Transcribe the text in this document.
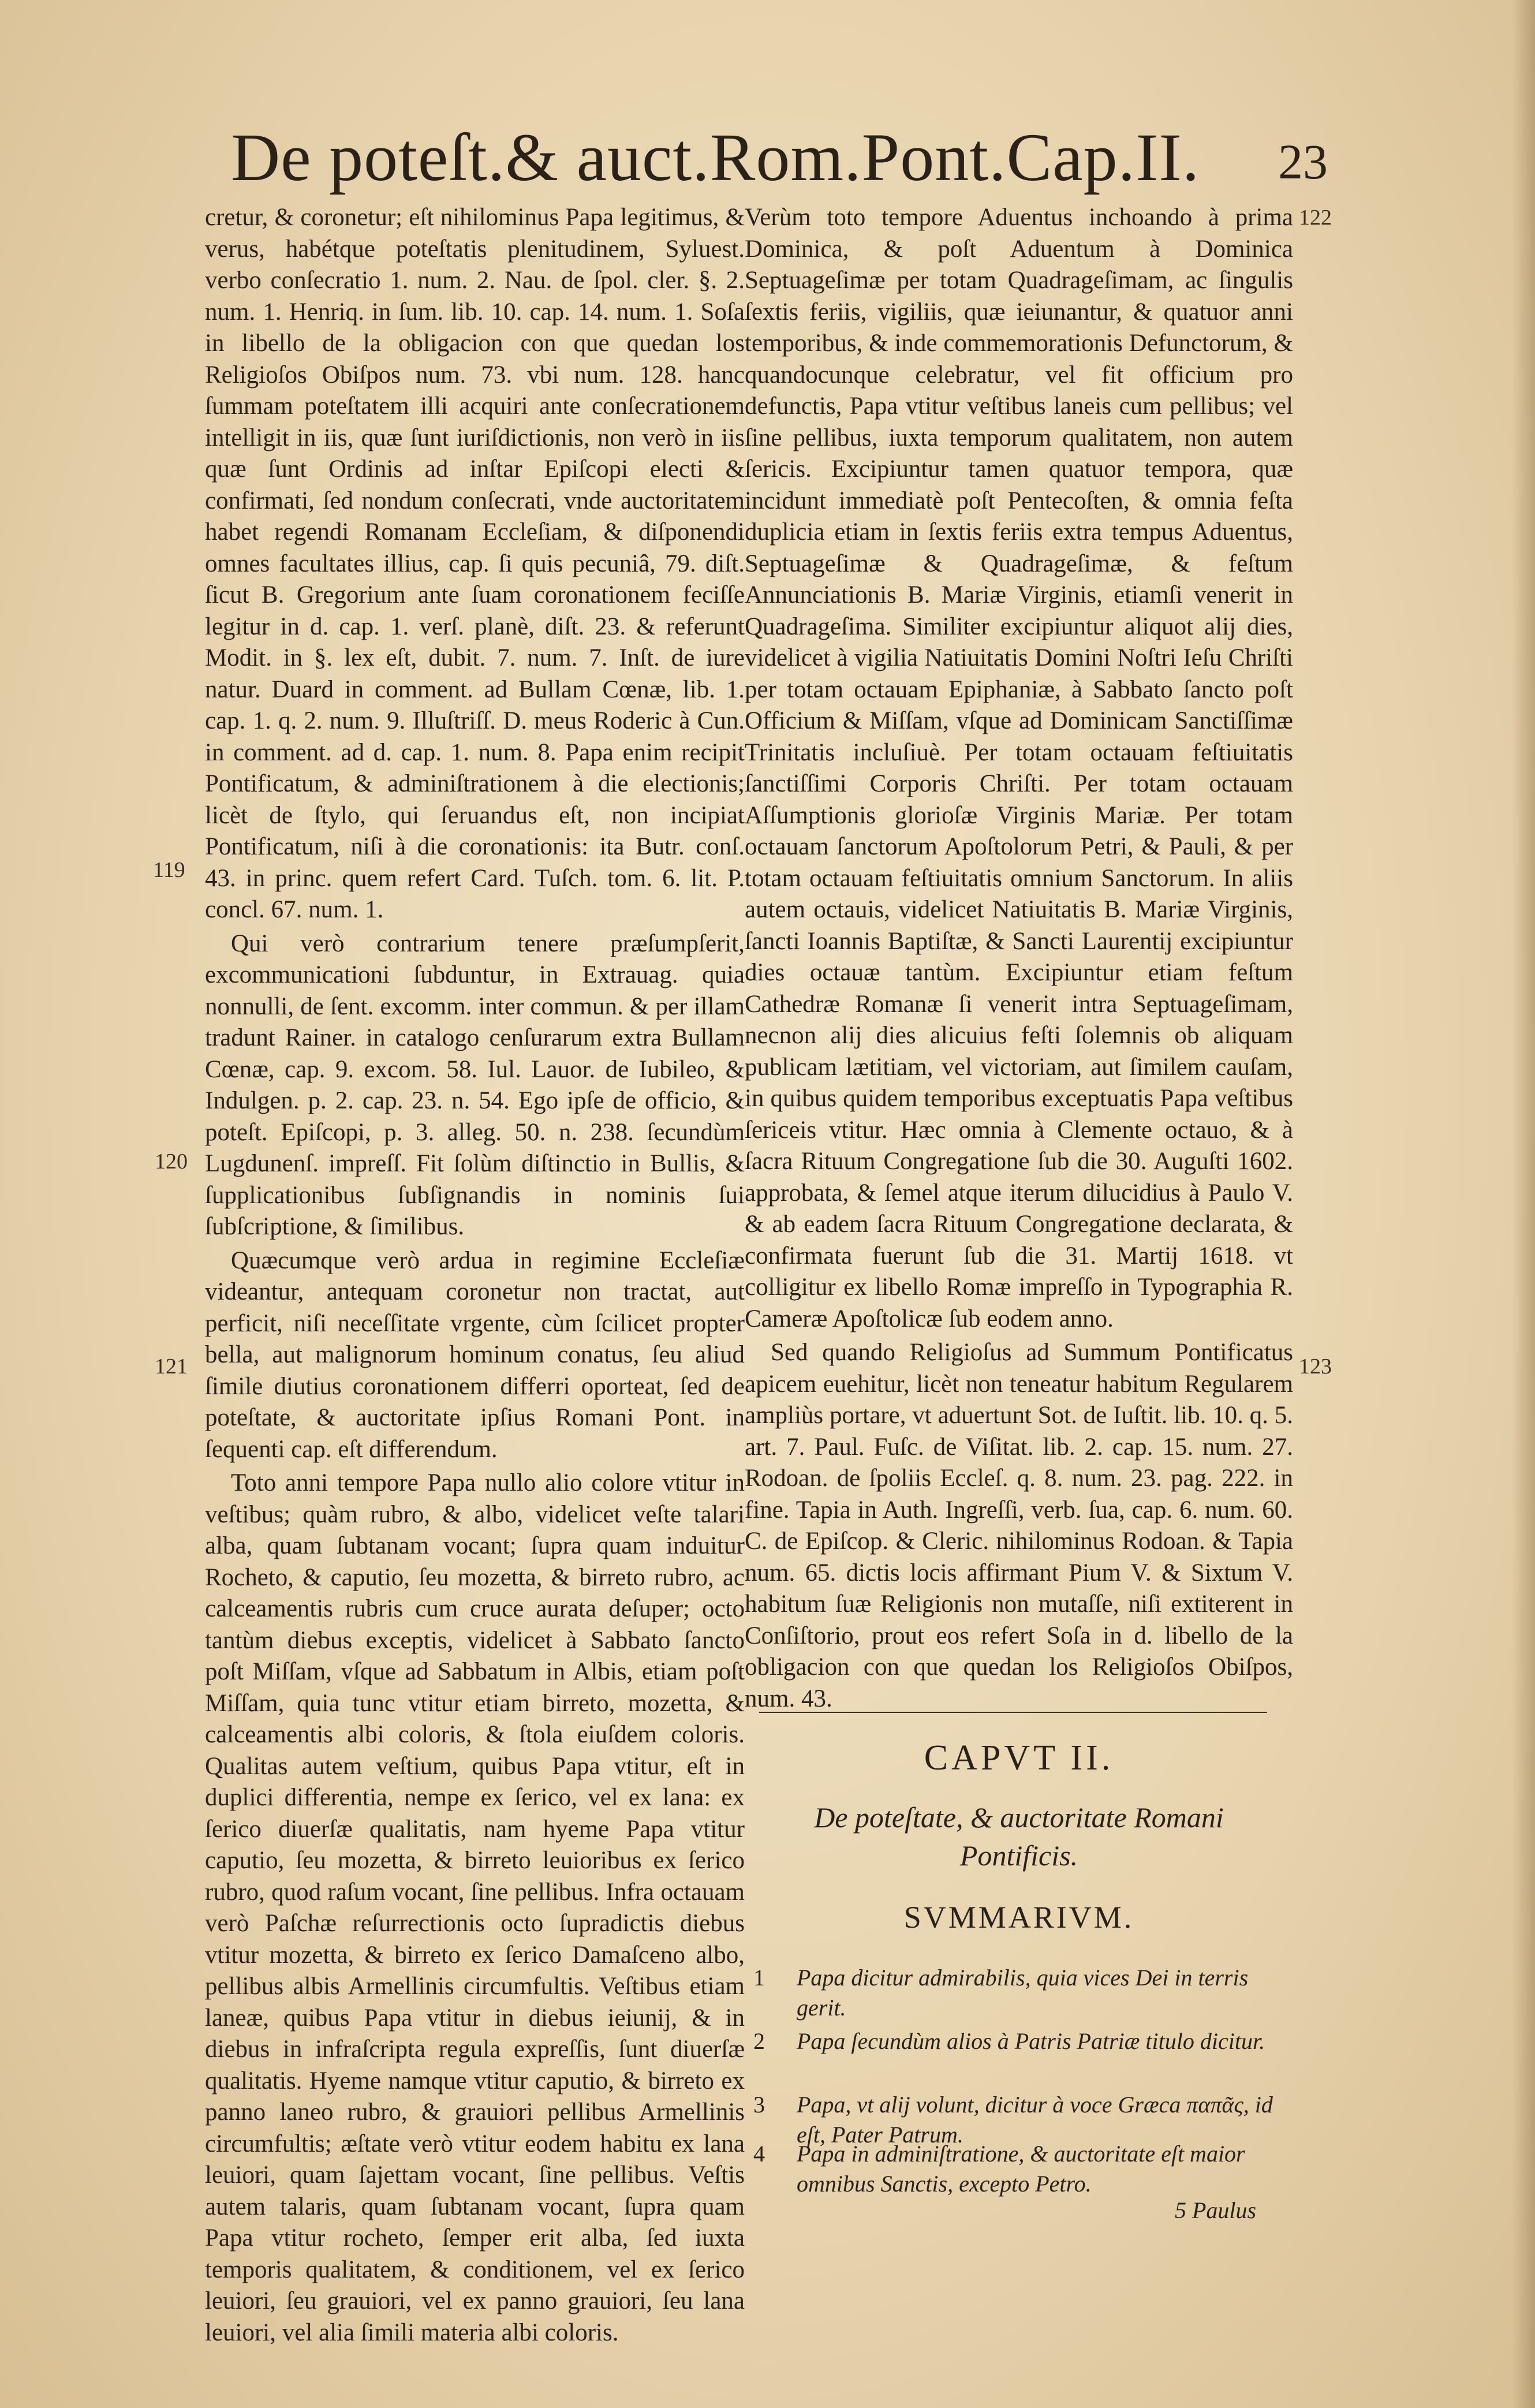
De poteſt.& auct.Rom.Pont.Cap.II. 23

cretur, & coronetur; eſt nihilominus Papa legitimus, & verus, habétque poteſtatis plenitudinem, Syluest. verbo conſecratio 1. num. 2. Nau. de ſpol. cler. §. 2. num. 1. Henriq. in ſum. lib. 10. cap. 14. num. 1. Soſa in libello de la obligacion con que quedan los Religioſos Obiſpos num. 73. vbi num. 128. hanc ſummam poteſtatem illi acquiri ante conſecrationem intelligit in iis, quæ ſunt iuriſdictionis, non verò in iis quæ ſunt Ordinis ad inſtar Epiſcopi electi & confirmati, ſed nondum conſecrati, vnde auctoritatem habet regendi Romanam Eccleſiam, & diſponendi omnes facultates illius, cap. ſi quis pecuniâ, 79. diſt. ſicut B. Gregorium ante ſuam coronationem feciſſe legitur in d. cap. 1. verſ. planè, diſt. 23. & referunt Modit. in §. lex eſt, dubit. 7. num. 7. Inſt. de iure natur. Duard in comment. ad Bullam Cœnæ, lib. 1. cap. 1. q. 2. num. 9. Illuſtriſſ. D. meus Roderic à Cun. in comment. ad d. cap. 1. num. 8. Papa enim recipit Pontificatum, & adminiſtrationem à die electionis; licèt de ſtylo, qui ſeruandus eſt, non incipiat Pontificatum, niſi à die coronationis: ita Butr. conſ. 43. in princ. quem refert Card. Tuſch. tom. 6. lit. P. concl. 67. num. 1.

Qui verò contrarium tenere præſumpſerit, excommunicationi ſubduntur, in Extrauag. quia nonnulli, de ſent. excomm. inter commun. & per illam tradunt Rainer. in catalogo cenſurarum extra Bullam Cœnæ, cap. 9. excom. 58. Iul. Lauor. de Iubileo, & Indulgen. p. 2. cap. 23. n. 54. Ego ipſe de officio, & poteſt. Epiſcopi, p. 3. alleg. 50. n. 238. ſecundùm Lugdunenſ. impreſſ. Fit ſolùm diſtinctio in Bullis, & ſupplicationibus ſubſignandis in nominis ſui ſubſcriptione, & ſimilibus.

Quæcumque verò ardua in regimine Eccleſiæ videantur, antequam coronetur non tractat, aut perficit, niſi neceſſitate vrgente, cùm ſcilicet propter bella, aut malignorum hominum conatus, ſeu aliud ſimile diutius coronationem differri oporteat, ſed de poteſtate, & auctoritate ipſius Romani Pont. in ſequenti cap. eſt differendum.

Toto anni tempore Papa nullo alio colore vtitur in veſtibus; quàm rubro, & albo, videlicet veſte talari alba, quam ſubtanam vocant; ſupra quam induitur Rocheto, & caputio, ſeu mozetta, & birreto rubro, ac calceamentis rubris cum cruce aurata deſuper; octo tantùm diebus exceptis, videlicet à Sabbato ſancto poſt Miſſam, vſque ad Sabbatum in Albis, etiam poſt Miſſam, quia tunc vtitur etiam birreto, mozetta, & calceamentis albi coloris, & ſtola eiuſdem coloris. Qualitas autem veſtium, quibus Papa vtitur, eſt in duplici differentia, nempe ex ſerico, vel ex lana: ex ſerico diuerſæ qualitatis, nam hyeme Papa vtitur caputio, ſeu mozetta, & birreto leuioribus ex ſerico rubro, quod raſum vocant, ſine pellibus. Infra octauam verò Paſchæ reſurrectionis octo ſupradictis diebus vtitur mozetta, & birreto ex ſerico Damaſceno albo, pellibus albis Armellinis circumfultis. Veſtibus etiam laneæ, quibus Papa vtitur in diebus ieiunij, & in diebus in infraſcripta regula expreſſis, ſunt diuerſæ qualitatis. Hyeme namque vtitur caputio, & birreto ex panno laneo rubro, & grauiori pellibus Armellinis circumfultis; æſtate verò vtitur eodem habitu ex lana leuiori, quam ſajettam vocant, ſine pellibus. Veſtis autem talaris, quam ſubtanam vocant, ſupra quam Papa vtitur rocheto, ſemper erit alba, ſed iuxta temporis qualitatem, & conditionem, vel ex ſerico leuiori, ſeu grauiori, vel ex panno grauiori, ſeu lana leuiori, vel alia ſimili materia albi coloris.

119
120
121

Verùm toto tempore Aduentus inchoando à prima Dominica, & poſt Aduentum à Dominica Septuageſimæ per totam Quadrageſimam, ac ſingulis ſextis feriis, vigiliis, quæ ieiunantur, & quatuor anni temporibus, & inde commemorationis Defunctorum, & quandocunque celebratur, vel fit officium pro defunctis, Papa vtitur veſtibus laneis cum pellibus; vel ſine pellibus, iuxta temporum qualitatem, non autem ſericis. Excipiuntur tamen quatuor tempora, quæ incidunt immediatè poſt Pentecoſten, & omnia feſta duplicia etiam in ſextis feriis extra tempus Aduentus, Septuageſimæ & Quadrageſimæ, & feſtum Annunciationis B. Mariæ Virginis, etiamſi venerit in Quadrageſima. Similiter excipiuntur aliquot alij dies, videlicet à vigilia Natiuitatis Domini Noſtri Ieſu Chriſti per totam octauam Epiphaniæ, à Sabbato ſancto poſt Officium & Miſſam, vſque ad Dominicam Sanctiſſimæ Trinitatis incluſiuè. Per totam octauam feſtiuitatis ſanctiſſimi Corporis Chriſti. Per totam octauam Aſſumptionis glorioſæ Virginis Mariæ. Per totam octauam ſanctorum Apoſtolorum Petri, & Pauli, & per totam octauam feſtiuitatis omnium Sanctorum. In aliis autem octauis, videlicet Natiuitatis B. Mariæ Virginis, ſancti Ioannis Baptiſtæ, & Sancti Laurentij excipiuntur dies octauæ tantùm. Excipiuntur etiam feſtum Cathedræ Romanæ ſi venerit intra Septuageſimam, necnon alij dies alicuius feſti ſolemnis ob aliquam publicam lætitiam, vel victoriam, aut ſimilem cauſam, in quibus quidem temporibus exceptuatis Papa veſtibus ſericeis vtitur. Hæc omnia à Clemente octauo, & à ſacra Rituum Congregatione ſub die 30. Auguſti 1602. approbata, & ſemel atque iterum dilucidius à Paulo V. & ab eadem ſacra Rituum Congregatione declarata, & confirmata fuerunt ſub die 31. Martij 1618. vt colligitur ex libello Romæ impreſſo in Typographia R. Cameræ Apoſtolicæ ſub eodem anno.

Sed quando Religioſus ad Summum Pontificatus apicem euehitur, licèt non teneatur habitum Regularem ampliùs portare, vt aduertunt Sot. de Iuſtit. lib. 10. q. 5. art. 7. Paul. Fuſc. de Viſitat. lib. 2. cap. 15. num. 27. Rodoan. de ſpoliis Eccleſ. q. 8. num. 23. pag. 222. in fine. Tapia in Auth. Ingreſſi, verb. ſua, cap. 6. num. 60. C. de Epiſcop. & Cleric. nihilominus Rodoan. & Tapia num. 65. dictis locis affirmant Pium V. & Sixtum V. habitum ſuæ Religionis non mutaſſe, niſi extiterent in Conſiſtorio, prout eos refert Soſa in d. libello de la obligacion con que quedan los Religioſos Obiſpos, num. 43.

122
123
CAPVT II.
De poteſtate, & auctoritate Romani
Pontificis.
SVMMARIVM.
1	Papa dicitur admirabilis, quia vices Dei in terris gerit.
2	Papa ſecundùm alios à Patris Patriæ titulo dicitur.
3	Papa, vt alij volunt, dicitur à voce Græca παπᾶς, id eſt, Pater Patrum.
4	Papa in adminiſtratione, & auctoritate eſt maior omnibus Sanctis, excepto Petro.
5 Paulus
